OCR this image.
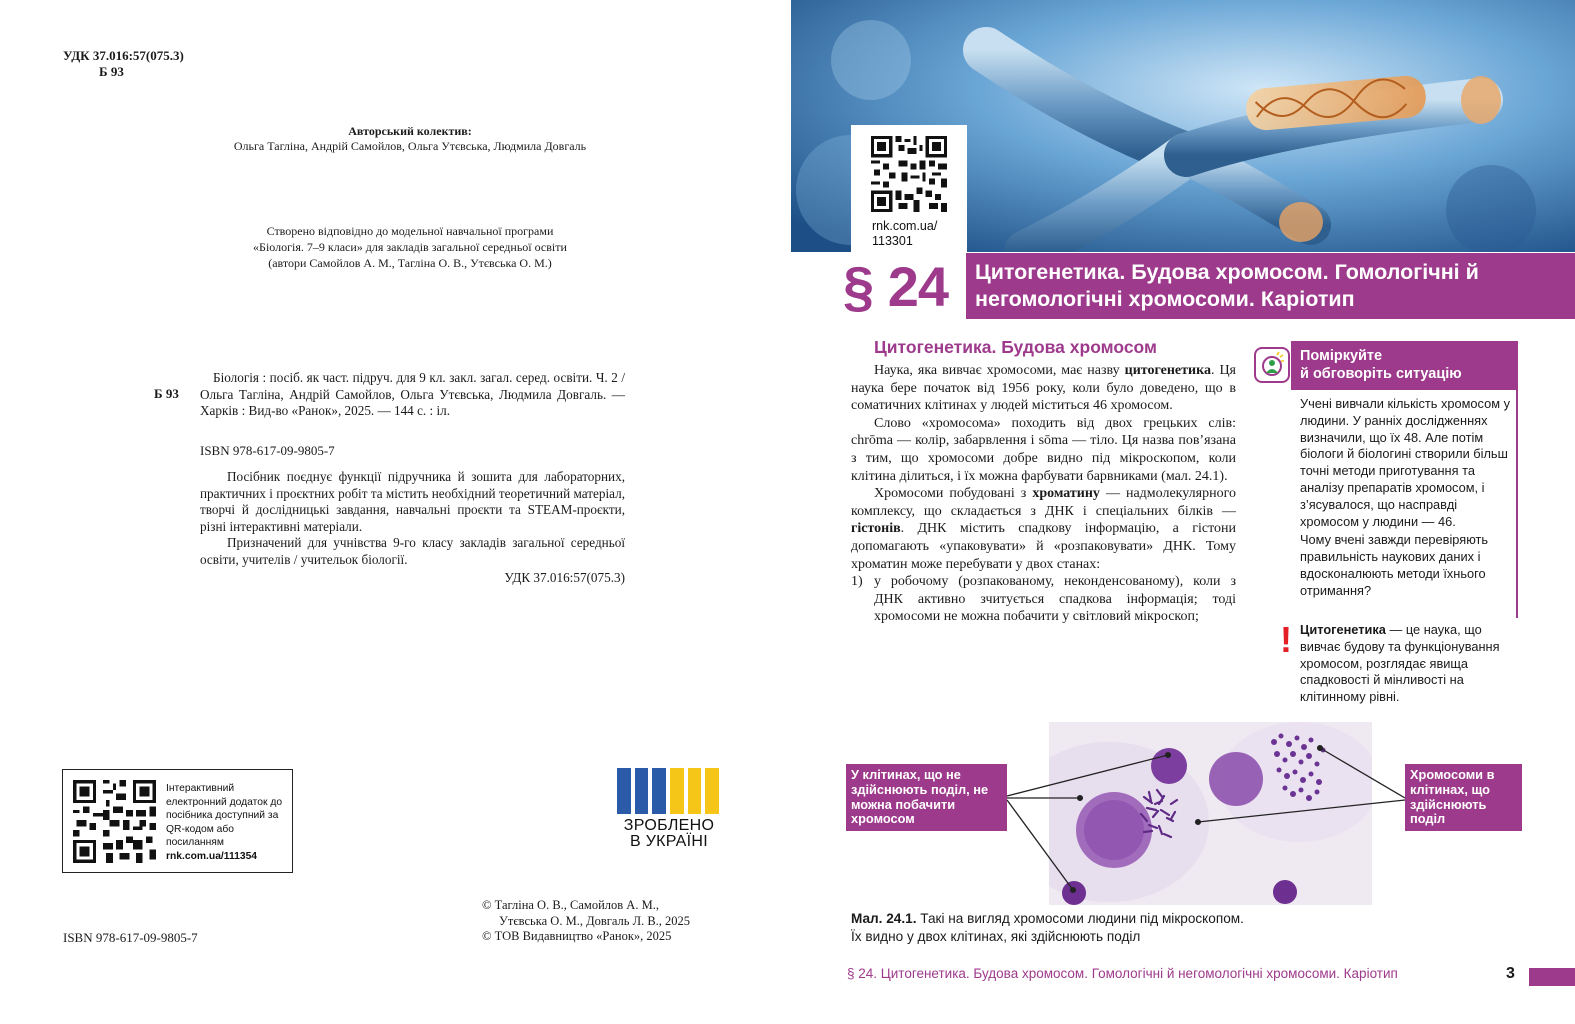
УДК 37.016:57(075.3)
Б 93
Авторський колектив:
Ольга Тагліна, Андрій Самойлов, Ольга Утєвська, Людмила Довгаль
Створено відповідно до модельної навчальної програми
«Біологія. 7–9 класи» для закладів загальної середньої освіти
(автори Самойлов А. М., Тагліна О. В., Утєвська О. М.)
Б 93

Біологія : посіб. як част. підруч. для 9 кл. закл. загал. серед. освіти. Ч. 2 / Ольга Тагліна, Андрій Самойлов, Ольга Утєвська, Людмила Довгаль. — Харків : Вид-во «Ранок», 2025. — 144 с. : іл.

ISBN 978-617-09-9805-7

Посібник поєднує функції підручника й зошита для лабораторних, практичних і проєктних робіт та містить необхідний теоретичний матеріал, творчі й дослідницькі завдання, навчальні проєкти та STEAM-проєкти, різні інтерактивні матеріали.

Призначений для учнівства 9-го класу закладів загальної середньої освіти, учителів / учительок біології.

УДК 37.016:57(075.3)

Інтерактивний електронний додаток до посібника доступний за QR-кодом або посиланням
rnk.com.ua/111354
ЗРОБЛЕНО
В УКРАЇНІ
ISBN 978-617-09-9805-7
© Тагліна О. В., Самойлов А. М.,
Утєвська О. М., Довгаль Л. В., 2025
© ТОВ Видавництво «Ранок», 2025
rnk.com.ua/
113301
§ 24 Цитогенетика. Будова хромосом. Гомологічні й негомологічні хромосоми. Каріотип
Цитогенетика. Будова хромосом

Наука, яка вивчає хромосоми, має назву цитогенетика. Ця наука бере початок від 1956 року, коли було доведено, що в соматичних клітинах у людей міститься 46 хромосом.

Слово «хромосома» походить від двох грецьких слів: chrōma — колір, забарвлення і sōma — тіло. Ця назва пов’язана з тим, що хромосоми добре видно під мікроскопом, коли клітина ділиться, і їх можна фарбувати барвниками (мал. 24.1).

Хромосоми побудовані з хроматину — надмолекулярного комплексу, що складається з ДНК і спеціальних білків — гістонів. ДНК містить спадкову інформацію, а гістони допомагають «упаковувати» й «розпаковувати» ДНК. Тому хроматин може перебувати у двох станах:

1) у робочому (розпакованому, неконденсованому), коли з ДНК активно зчитується спадкова інформація; тоді хромосоми не можна побачити у світловий мікроскоп;

Поміркуйте
й обговоріть ситуацію

Учені вивчали кількість хромосом у людини. У ранніх дослідженнях визначили, що їх 48. Але потім біологи й біологині створили більш точні методи приготування та аналізу препаратів хромосом, і з’ясувалося, що насправді хромосом у людини — 46.

Чому вчені завжди перевіряють правильність наукових даних і вдосконалюють методи їхнього отримання?

! Цитогенетика — це наука, що вивчає будову та функціонування хромосом, розглядає явища спадковості й мінливості на клітинному рівні.
У клітинах, що не здійснюють поділ, не можна побачити хромосом
Хромосоми в клітинах, що здійснюють поділ
Мал. 24.1. Такі на вигляд хромосоми людини під мікроскопом.
Їх видно у двох клітинах, які здійснюють поділ
§ 24. Цитогенетика. Будова хромосом. Гомологічні й негомологічні хромосоми. Каріотип	3
